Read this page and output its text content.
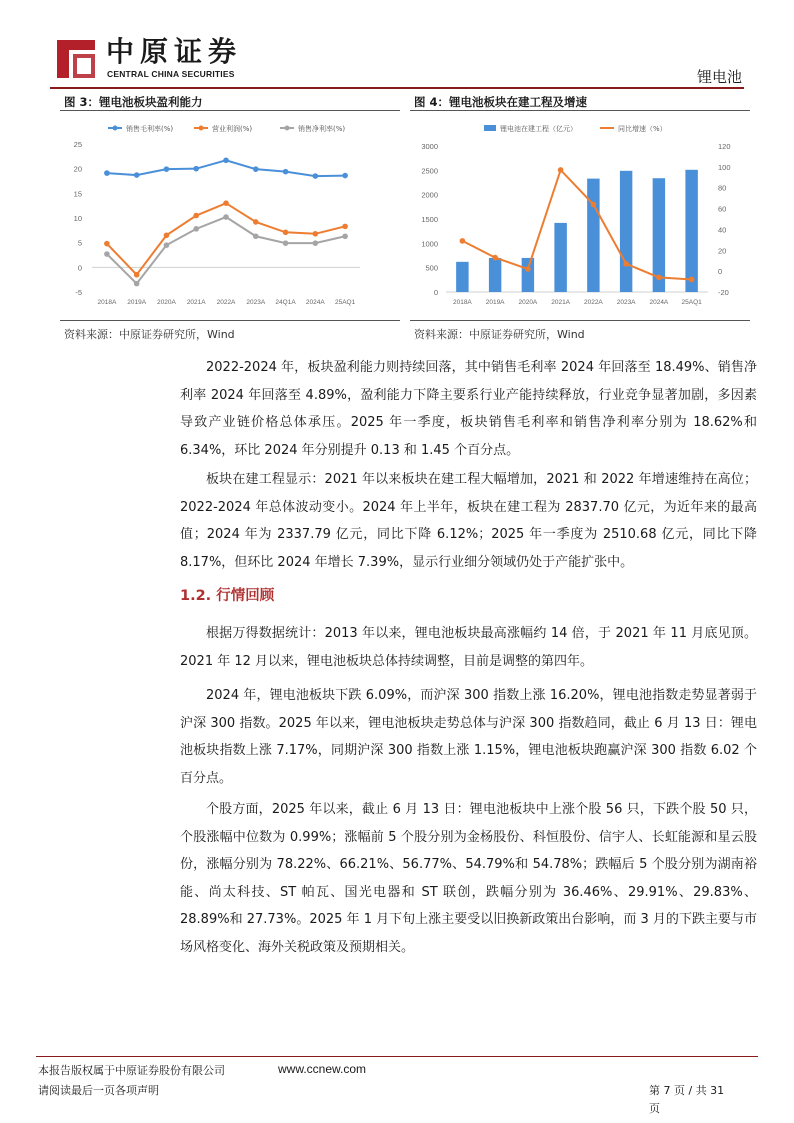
中原证券
CENTRAL CHINA SECURITIES	锂电池
图 3：锂电池板块盈利能力
销售毛利率(%)	营业利润(%)	销售净利率(%)
25
20
15
10
5
0
-5
2018A 2019A 2020A 2021A 2022A 2023A 24Q1A 2024A 25AQ1
资料来源：中原证券研究所，Wind
图 4：锂电池板块在建工程及增速
锂电池在建工程（亿元）	同比增速（%）
3000
2500
2000
1500
1000
500
0
120
100
80
60
40
20
0
-20
2018A 2019A 2020A 2021A 2022A 2023A 2024A 25AQ1
资料来源：中原证券研究所，Wind
2022-2024 年，板块盈利能力则持续回落，其中销售毛利率 2024 年回落至 18.49%、销售净利率 2024 年回落至 4.89%，盈利能力下降主要系行业产能持续释放，行业竞争显著加剧，多因素导致产业链价格总体承压。2025 年一季度，板块销售毛利率和销售净利率分别为 18.62%和 6.34%，环比 2024 年分别提升 0.13 和 1.45 个百分点。
板块在建工程显示：2021 年以来板块在建工程大幅增加，2021 和 2022 年增速维持在高位；2022-2024 年总体波动变小。2024 年上半年，板块在建工程为 2837.70 亿元，为近年来的最高值；2024 年为 2337.79 亿元，同比下降 6.12%；2025 年一季度为 2510.68 亿元，同比下降 8.17%，但环比 2024 年增长 7.39%，显示行业细分领域仍处于产能扩张中。
1.2. 行情回顾
根据万得数据统计：2013 年以来，锂电池板块最高涨幅约 14 倍，于 2021 年 11 月底见顶。2021 年 12 月以来，锂电池板块总体持续调整，目前是调整的第四年。
2024 年，锂电池板块下跌 6.09%，而沪深 300 指数上涨 16.20%，锂电池指数走势显著弱于沪深 300 指数。2025 年以来，锂电池板块走势总体与沪深 300 指数趋同，截止 6 月 13 日：锂电池板块指数上涨 7.17%，同期沪深 300 指数上涨 1.15%，锂电池板块跑赢沪深 300 指数 6.02 个百分点。
个股方面，2025 年以来，截止 6 月 13 日：锂电池板块中上涨个股 56 只，下跌个股 50 只，个股涨幅中位数为 0.99%；涨幅前 5 个股分别为金杨股份、科恒股份、信宇人、长虹能源和星云股份，涨幅分别为 78.22%、66.21%、56.77%、54.79%和 54.78%；跌幅后 5 个股分别为湖南裕能、尚太科技、ST 帕瓦、国光电器和 ST 联创，跌幅分别为 36.46%、29.91%、29.83%、28.89%和 27.73%。2025 年 1 月下旬上涨主要受以旧换新政策出台影响，而 3 月的下跌主要与市场风格变化、海外关税政策及预期相关。
本报告版权属于中原证券股份有限公司	www.ccnew.com
请阅读最后一页各项声明	第 7 页 / 共 31
页
